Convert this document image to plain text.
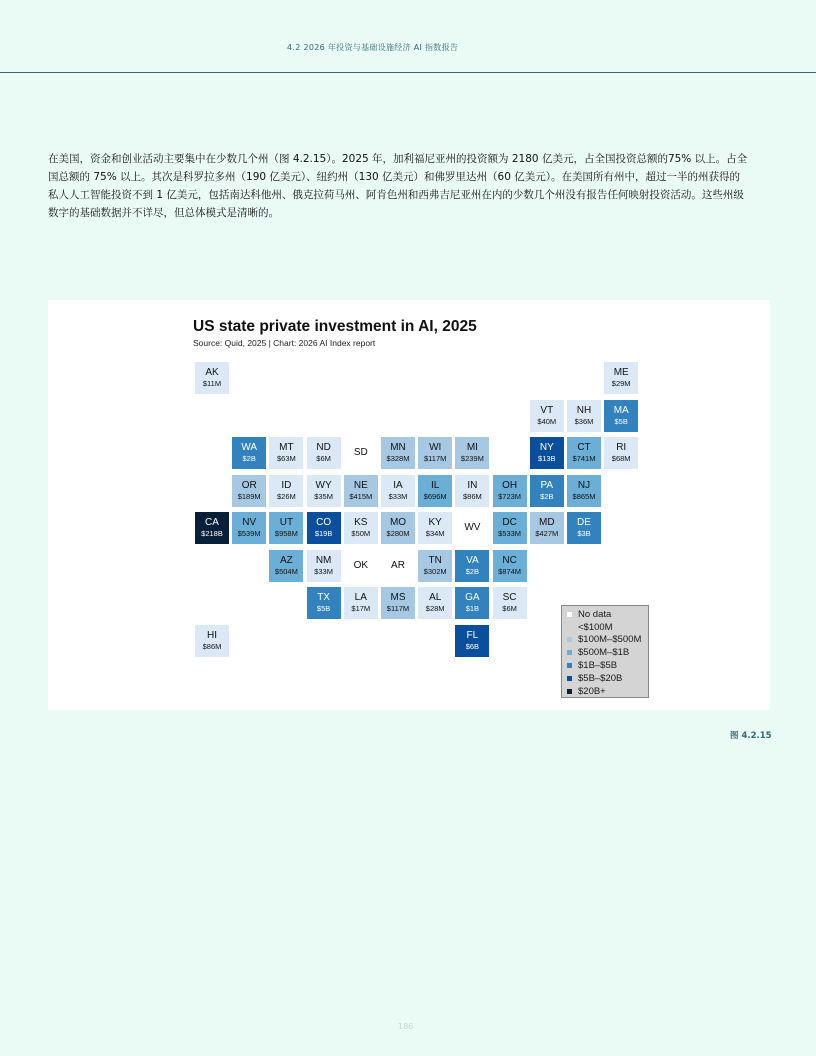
4.2 2026 年投资与基础设施经济 AI 指数报告

在美国，资金和创业活动主要集中在少数几个州（图 4.2.15）。2025 年，加利福尼亚州的投资额为 2180 亿美元，占全国投资总额的75% 以上。占全国总额的 75% 以上。其次是科罗拉多州（190 亿美元）、纽约州（130 亿美元）和佛罗里达州（60 亿美元）。在美国所有州中，超过一半的州获得的私人人工智能投资不到 1 亿美元，包括南达科他州、俄克拉荷马州、阿肯色州和西弗吉尼亚州在内的少数几个州没有报告任何映射投资活动。这些州级数字的基础数据并不详尽，但总体模式是清晰的。

US state private investment in AI, 2025
Source: Quid, 2025 | Chart: 2026 AI Index report
AK
$11M
ME
$29M
VT
$40M
NH
$36M
MA
$5B
WA
$2B
MT
$63M
ND
$6M
SD MN
$328M
WI
$117M
MI
$239M
NY
$13B
CT
$741M
RI
$68M
OR
$189M
ID
$26M
WY
$35M
NE
$415M
IA
$33M
IL
$696M
IN
$86M
OH
$723M
PA
$2B
NJ
$865M
CA
$218B
NV
$539M
UT
$958M
CO
$19B
KS
$50M
MO
$280M
KY
$34M
WV DC
$533M
MD
$427M
DE
$3B
AZ
$504M
NM
$33M
OK AR TN
$302M
VA
$2B
NC
$874M
TX
$5B
LA
$17M
MS
$117M
AL
$28M
GA
$1B
SC
$6M
HI
$86M
FL
$6B
No data
<$100M
$100M–$500M
$500M–$1B
$1B–$5B
$5B–$20B
$20B+
图 4.2.15
186
